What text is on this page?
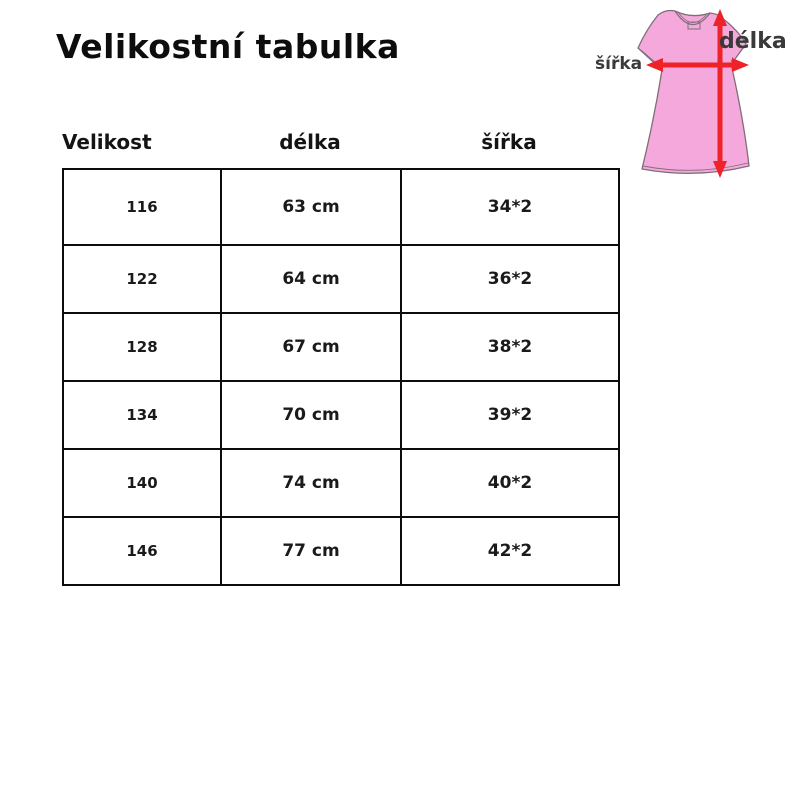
Velikostní tabulka
Velikost	délka	šířka
116	63 cm	34*2
122	64 cm	36*2
128	67 cm	38*2
134	70 cm	39*2
140	74 cm	40*2
146	77 cm	42*2
šířka
délka
